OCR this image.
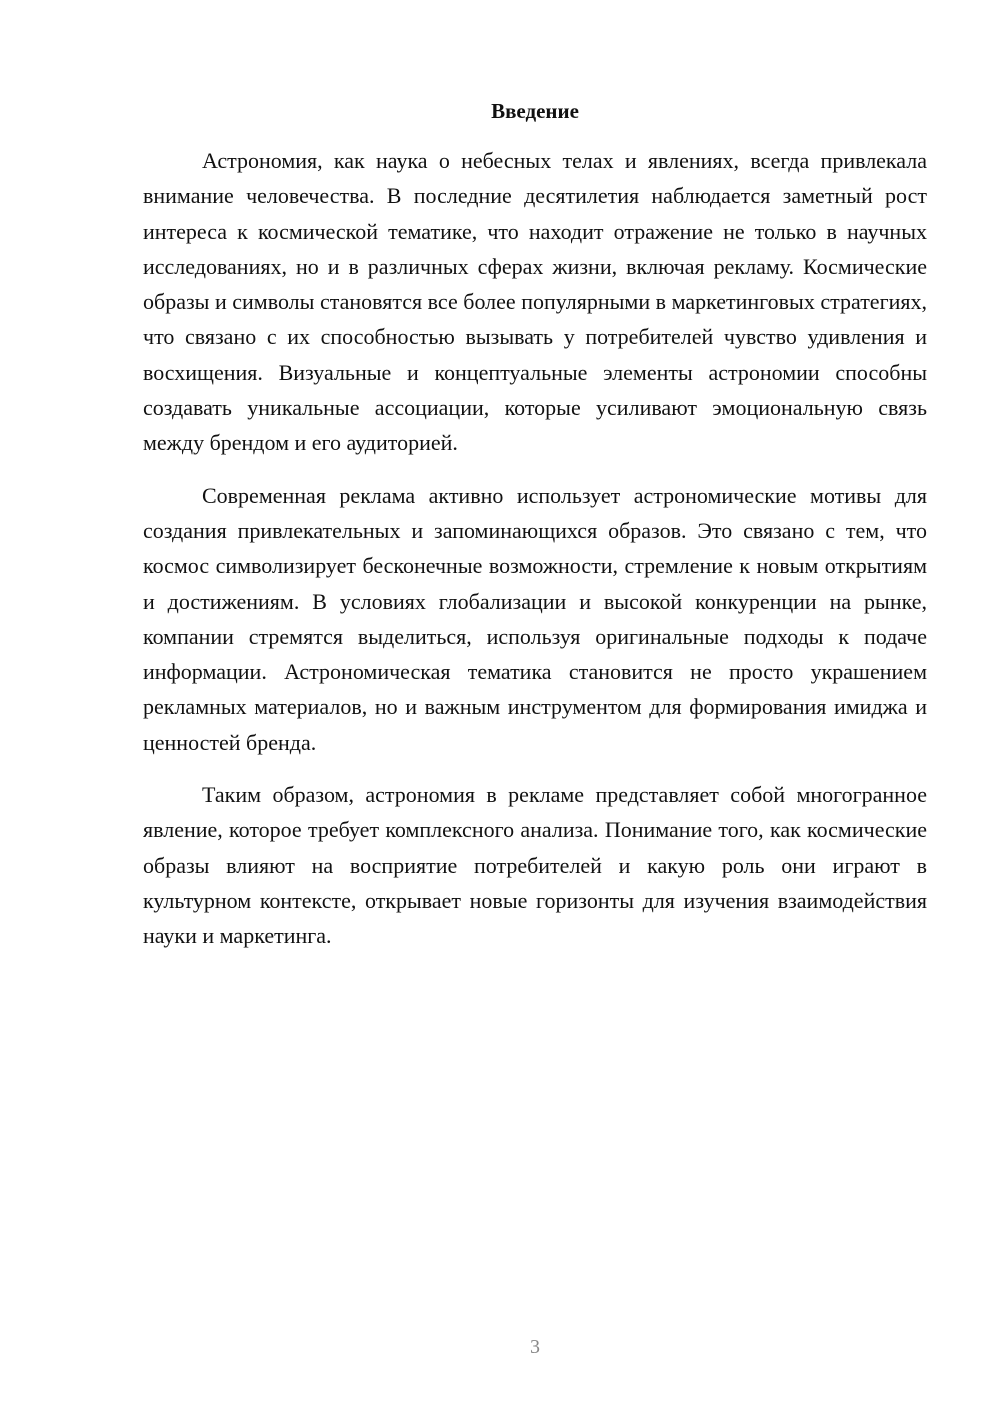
Введение

Астрономия, как наука о небесных телах и явлениях, всегда привлекала внимание человечества. В последние десятилетия наблюдается заметный рост интереса к космической тематике, что находит отражение не только в научных исследованиях, но и в различных сферах жизни, включая рекламу. Космические образы и символы становятся все более популярными в маркетинговых стратегиях, что связано с их способностью вызывать у потребителей чувство удивления и восхищения. Визуальные и концептуальные элементы астрономии способны создавать уникальные ассоциации, которые усиливают эмоциональную связь между брендом и его аудиторией.

Современная реклама активно использует астрономические мотивы для создания привлекательных и запоминающихся образов. Это связано с тем, что космос символизирует бесконечные возможности, стремление к новым открытиям и достижениям. В условиях глобализации и высокой конкуренции на рынке, компании стремятся выделиться, используя оригинальные подходы к подаче информации. Астрономическая тематика становится не просто украшением рекламных материалов, но и важным инструментом для формирования имиджа и ценностей бренда.

Таким образом, астрономия в рекламе представляет собой многогранное явление, которое требует комплексного анализа. Понимание того, как космические образы влияют на восприятие потребителей и какую роль они играют в культурном контексте, открывает новые горизонты для изучения взаимодействия науки и маркетинга.

3
